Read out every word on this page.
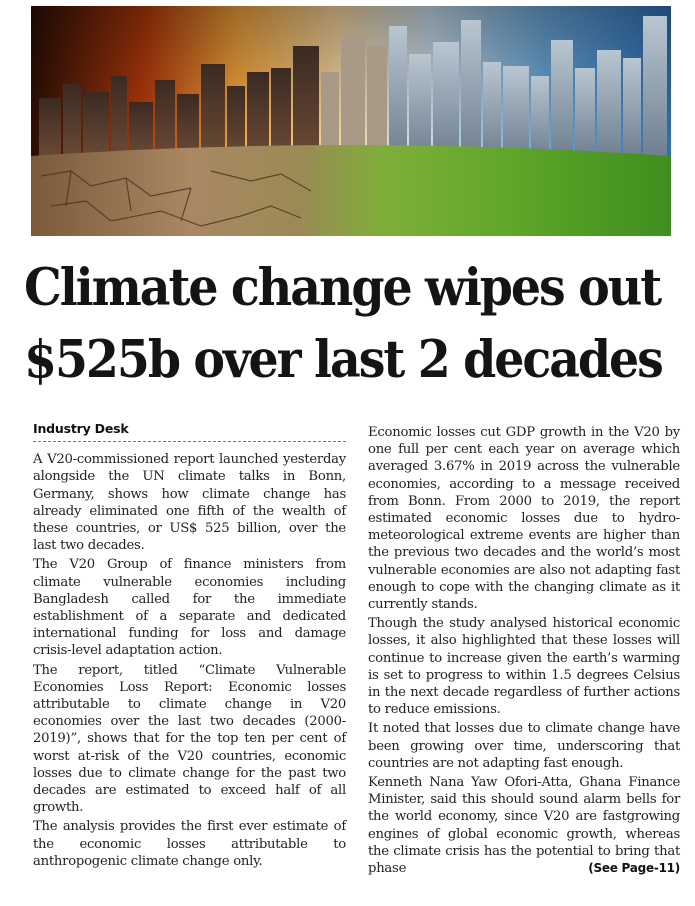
Climate change wipes out
$525b over last 2 decades
Industry Desk

A V20-commissioned report launched yesterday alongside the UN climate talks in Bonn, Germany, shows how climate change has already eliminated one fifth of the wealth of these countries, or US$ 525 billion, over the last two decades.

The V20 Group of finance ministers from climate vulnerable economies including Bangladesh called for the immediate establishment of a separate and dedicated international funding for loss and damage crisis-level adaptation action.

The report, titled “Climate Vulnerable Economies Loss Report: Economic losses attributable to climate change in V20 economies over the last two decades (2000-2019)”, shows that for the top ten per cent of worst at-risk of the V20 countries, economic losses due to climate change for the past two decades are estimated to exceed half of all growth.

The analysis provides the first ever estimate of the economic losses attributable to anthropogenic climate change only.

Economic losses cut GDP growth in the V20 by one full per cent each year on average which averaged 3.67% in 2019 across the vulnerable economies, according to a message received from Bonn. From 2000 to 2019, the report estimated economic losses due to hydro-meteorological extreme events are higher than the previous two decades and the world’s most vulnerable economies are also not adapting fast enough to cope with the changing climate as it currently stands.

Though the study analysed historical economic losses, it also highlighted that these losses will continue to increase given the earth’s warming is set to progress to within 1.5 degrees Celsius in the next decade regardless of further actions to reduce emissions.

It noted that losses due to climate change have been growing over time, underscoring that countries are not adapting fast enough.

Kenneth Nana Yaw Ofori-Atta, Ghana Finance Minister, said this should sound alarm bells for the world economy, since V20 are fastgrowing engines of global economic growth, whereas the climate crisis has the potential to bring that phase	(See Page-11)
